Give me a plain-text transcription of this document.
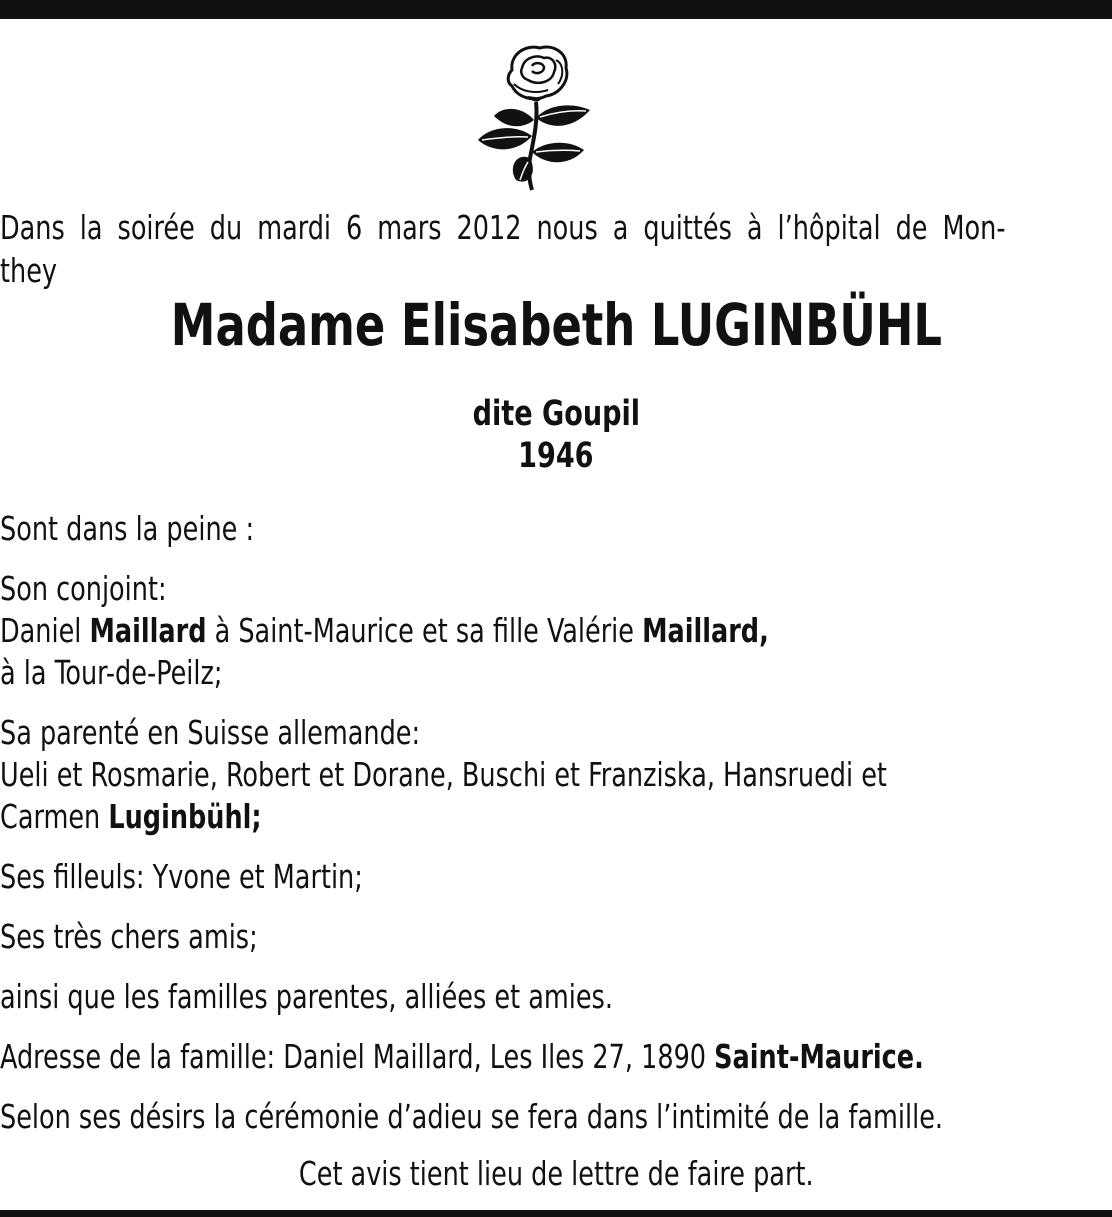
Dans la soirée du mardi 6 mars 2012 nous a quittés à l’hôpital de Mon-
they
Madame Elisabeth LUGINBÜHL
dite Goupil
1946
Sont dans la peine :
Son conjoint:
Daniel Maillard à Saint-Maurice et sa fille Valérie Maillard,
à la Tour-de-Peilz;
Sa parenté en Suisse allemande:
Ueli et Rosmarie, Robert et Dorane, Buschi et Franziska, Hansruedi et
Carmen Luginbühl;
Ses filleuls: Yvone et Martin;
Ses très chers amis;
ainsi que les familles parentes, alliées et amies.
Adresse de la famille: Daniel Maillard, Les Iles 27, 1890 Saint-Maurice.
Selon ses désirs la cérémonie d’adieu se fera dans l’intimité de la famille.
Cet avis tient lieu de lettre de faire part.
